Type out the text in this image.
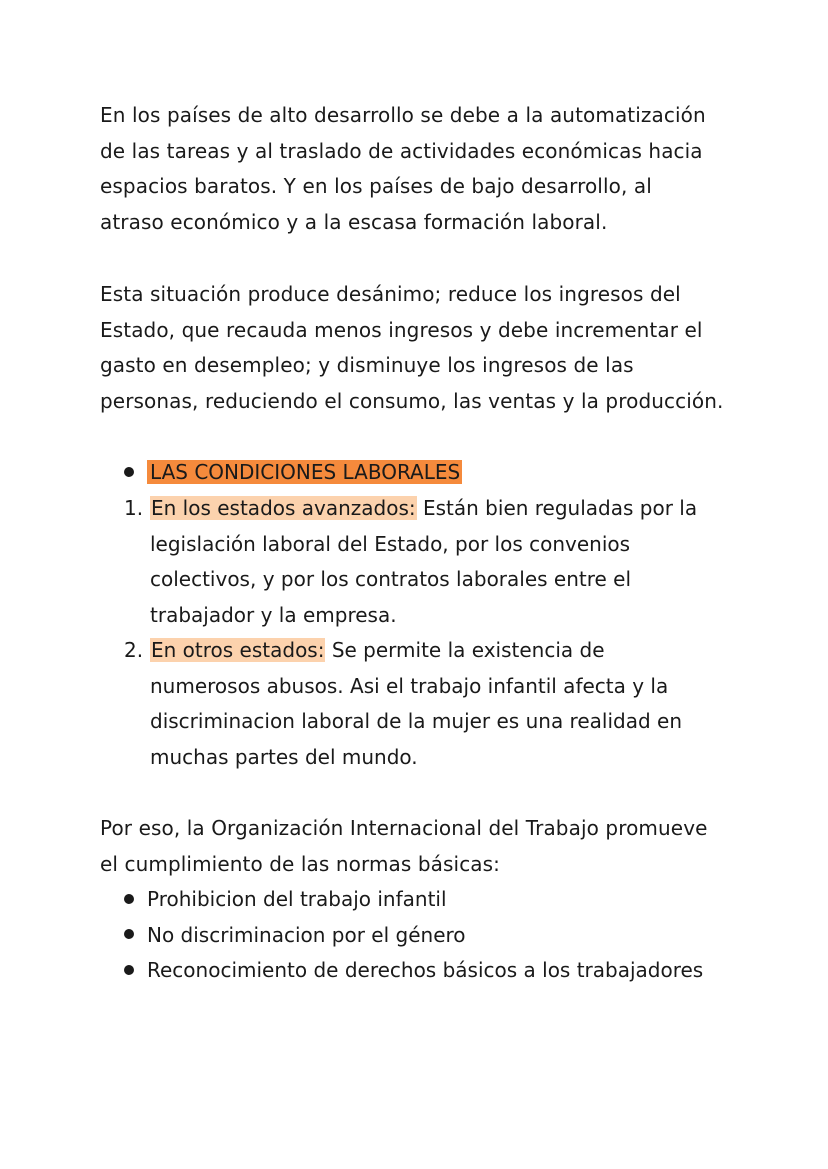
En los países de alto desarrollo se debe a la automatización
de las tareas y al traslado de actividades económicas hacia
espacios baratos. Y en los países de bajo desarrollo, al
atraso económico y a la escasa formación laboral.

Esta situación produce desánimo; reduce los ingresos del
Estado, que recauda menos ingresos y debe incrementar el
gasto en desempleo; y disminuye los ingresos de las
personas, reduciendo el consumo, las ventas y la producción.

LAS CONDICIONES LABORALES
1. En los estados avanzados: Están bien reguladas por la
legislación laboral del Estado, por los convenios
colectivos, y por los contratos laborales entre el
trabajador y la empresa.
2. En otros estados: Se permite la existencia de
numerosos abusos. Asi el trabajo infantil afecta y la
discriminacion laboral de la mujer es una realidad en
muchas partes del mundo.

Por eso, la Organización Internacional del Trabajo promueve
el cumplimiento de las normas básicas:

Prohibicion del trabajo infantil
No discriminacion por el género
Reconocimiento de derechos básicos a los trabajadores
